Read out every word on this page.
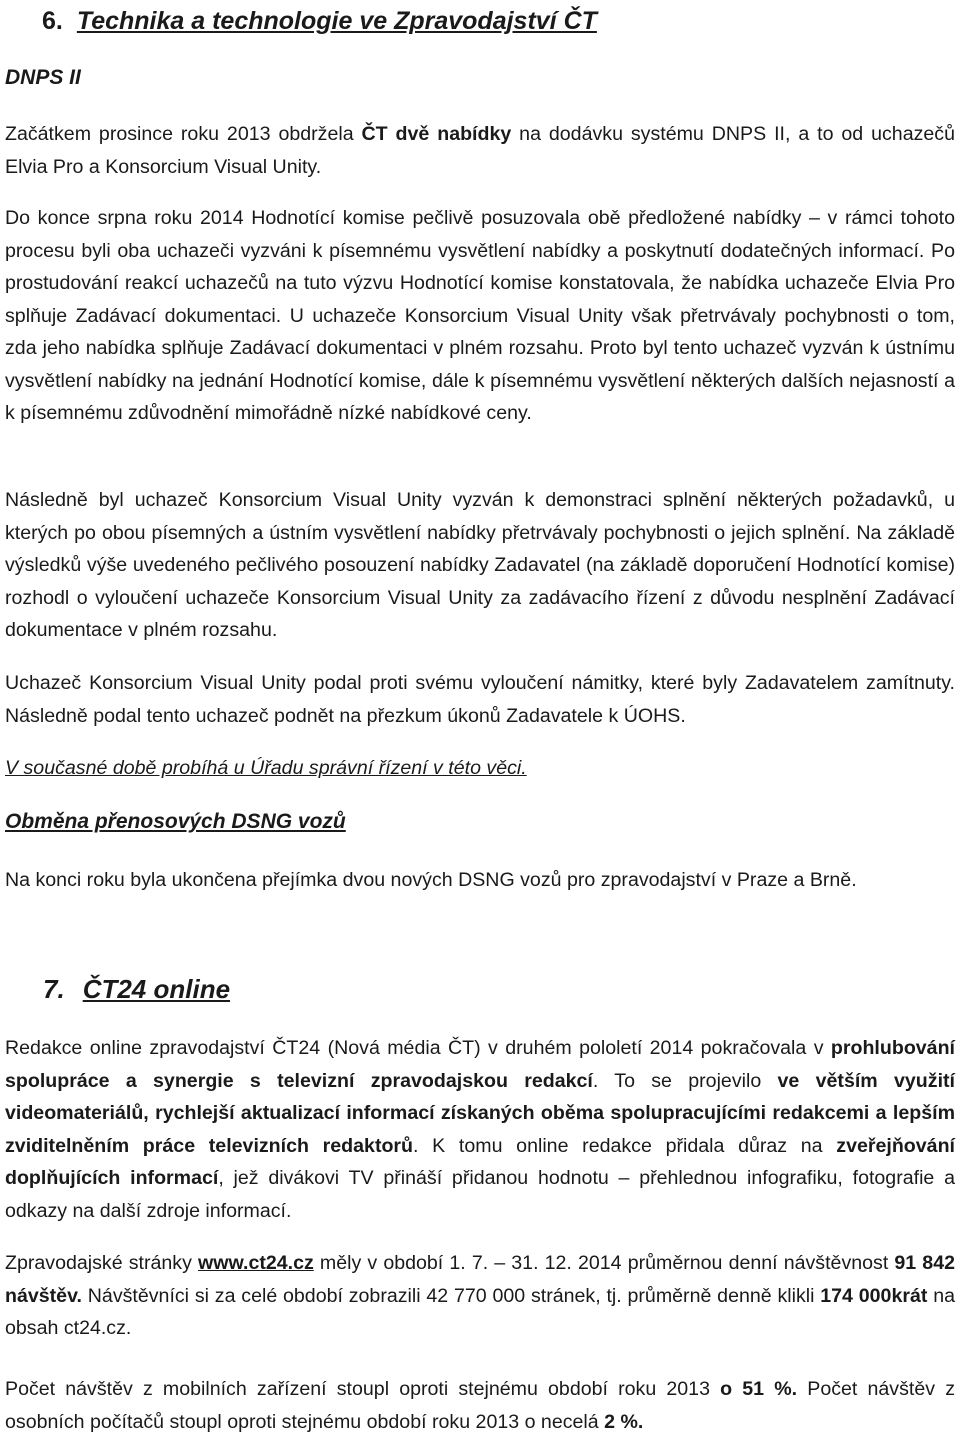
6. Technika a technologie ve Zpravodajství ČT
DNPS II

Začátkem prosince roku 2013 obdržela ČT dvě nabídky na dodávku systému DNPS II, a to od uchazečů Elvia Pro a Konsorcium Visual Unity.

Do konce srpna roku 2014 Hodnotící komise pečlivě posuzovala obě předložené nabídky – v rámci tohoto procesu byli oba uchazeči vyzváni k písemnému vysvětlení nabídky a poskytnutí dodatečných informací. Po prostudování reakcí uchazečů na tuto výzvu Hodnotící komise konstatovala, že nabídka uchazeče Elvia Pro splňuje Zadávací dokumentaci. U uchazeče Konsorcium Visual Unity však přetrvávaly pochybnosti o tom, zda jeho nabídka splňuje Zadávací dokumentaci v plném rozsahu. Proto byl tento uchazeč vyzván k ústnímu vysvětlení nabídky na jednání Hodnotící komise, dále k písemnému vysvětlení některých dalších nejasností a k písemnému zdůvodnění mimořádně nízké nabídkové ceny.

Následně byl uchazeč Konsorcium Visual Unity vyzván k demonstraci splnění některých požadavků, u kterých po obou písemných a ústním vysvětlení nabídky přetrvávaly pochybnosti o jejich splnění. Na základě výsledků výše uvedeného pečlivého posouzení nabídky Zadavatel (na základě doporučení Hodnotící komise) rozhodl o vyloučení uchazeče Konsorcium Visual Unity za zadávacího řízení z důvodu nesplnění Zadávací dokumentace v plném rozsahu.

Uchazeč Konsorcium Visual Unity podal proti svému vyloučení námitky, které byly Zadavatelem zamítnuty. Následně podal tento uchazeč podnět na přezkum úkonů Zadavatele k ÚOHS.

V současné době probíhá u Úřadu správní řízení v této věci.

Obměna přenosových DSNG vozů

Na konci roku byla ukončena přejímka dvou nových DSNG vozů pro zpravodajství v Praze a Brně.

7. ČT24 online

Redakce online zpravodajství ČT24 (Nová média ČT) v druhém pololetí 2014 pokračovala v prohlubování spolupráce a synergie s televizní zpravodajskou redakcí. To se projevilo ve větším využití videomateriálů, rychlejší aktualizací informací získaných oběma spolupracujícími redakcemi a lepším zviditelněním práce televizních redaktorů. K tomu online redakce přidala důraz na zveřejňování doplňujících informací, jež divákovi TV přináší přidanou hodnotu – přehlednou infografiku, fotografie a odkazy na další zdroje informací.

Zpravodajské stránky www.ct24.cz měly v období 1. 7. – 31. 12. 2014 průměrnou denní návštěvnost 91 842 návštěv. Návštěvníci si za celé období zobrazili 42 770 000 stránek, tj. průměrně denně klikli 174 000krát na obsah ct24.cz.

Počet návštěv z mobilních zařízení stoupl oproti stejnému období roku 2013 o 51 %. Počet návštěv z osobních počítačů stoupl oproti stejnému období roku 2013 o necelá 2 %.
